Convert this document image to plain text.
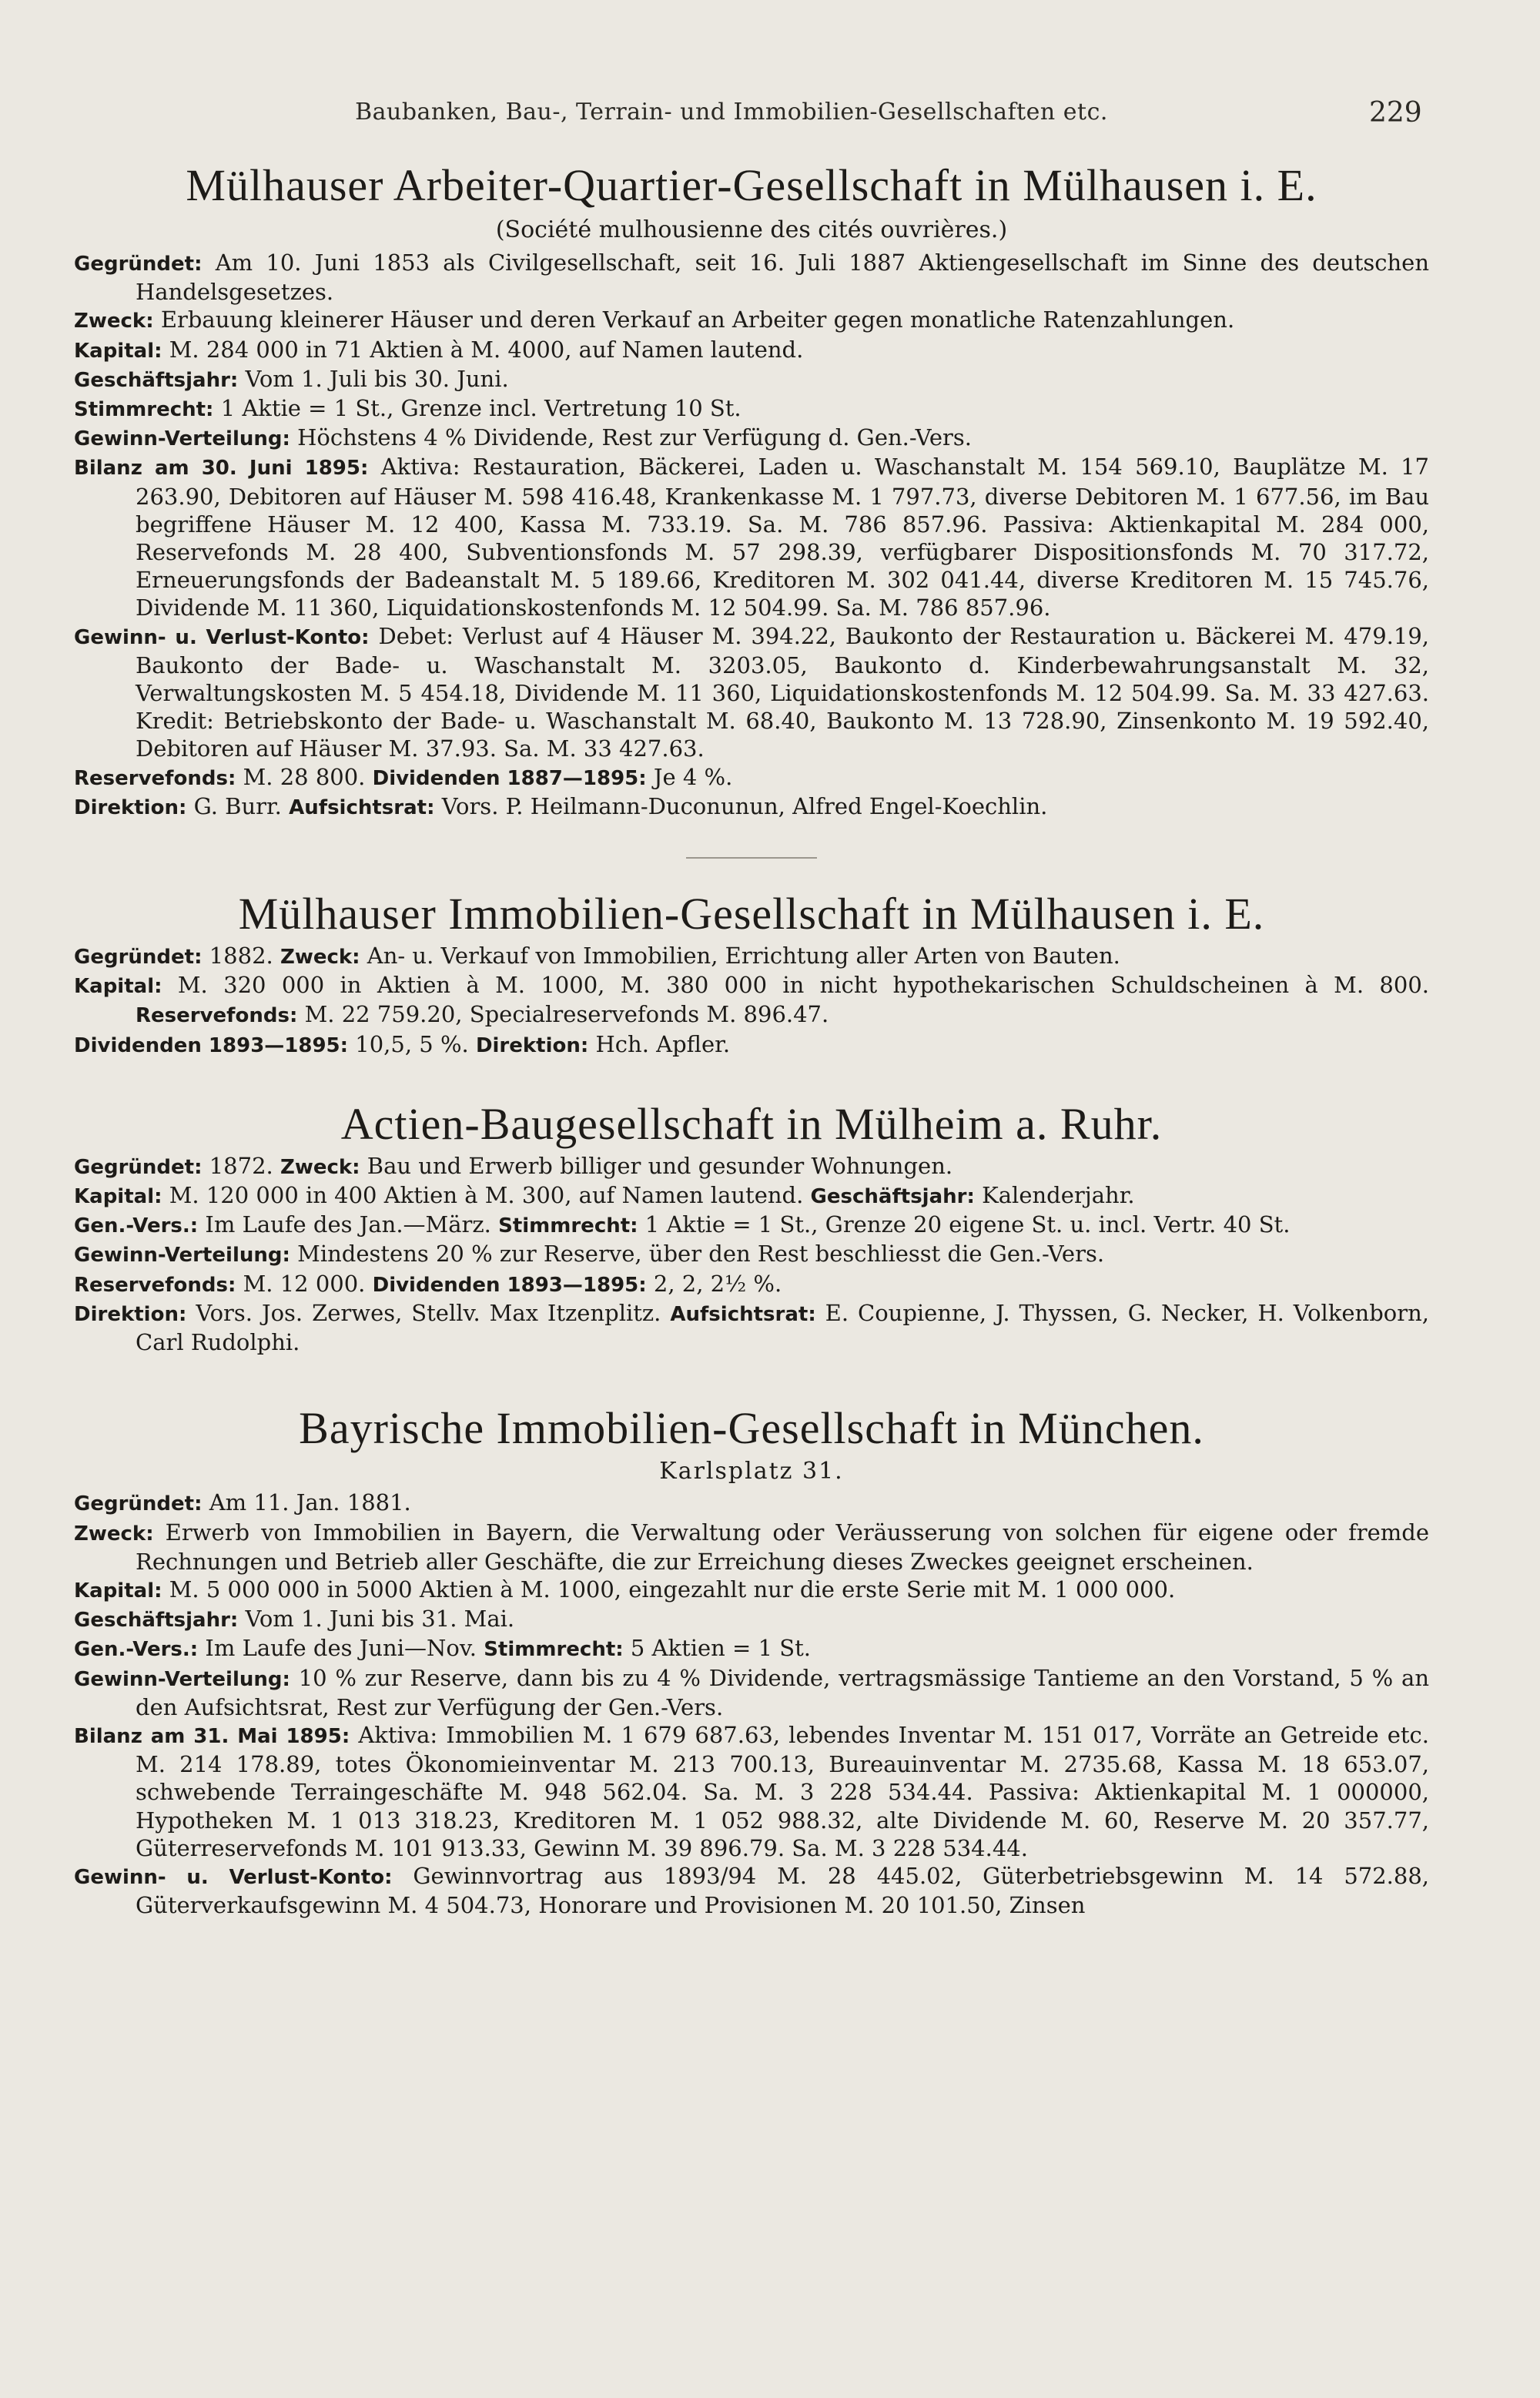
Baubanken, Bau-, Terrain- und Immobilien-Gesellschaften etc.	229
Mülhauser Arbeiter-Quartier-Gesellschaft in Mülhausen i. E.
(Société mulhousienne des cités ouvrières.)

Gegründet: Am 10. Juni 1853 als Civilgesellschaft, seit 16. Juli 1887 Aktiengesellschaft im Sinne des deutschen Handelsgesetzes.

Zweck: Erbauung kleinerer Häuser und deren Verkauf an Arbeiter gegen monatliche Ratenzahlungen.

Kapital: M. 284 000 in 71 Aktien à M. 4000, auf Namen lautend.

Geschäftsjahr: Vom 1. Juli bis 30. Juni.

Stimmrecht: 1 Aktie = 1 St., Grenze incl. Vertretung 10 St.

Gewinn-Verteilung: Höchstens 4 % Dividende, Rest zur Verfügung d. Gen.-Vers.

Bilanz am 30. Juni 1895: Aktiva: Restauration, Bäckerei, Laden u. Waschanstalt M. 154 569.10, Bauplätze M. 17 263.90, Debitoren auf Häuser M. 598 416.48, Krankenkasse M. 1 797.73, diverse Debitoren M. 1 677.56, im Bau begriffene Häuser M. 12 400, Kassa M. 733.19. Sa. M. 786 857.96. Passiva: Aktienkapital M. 284 000, Reservefonds M. 28 400, Subventionsfonds M. 57 298.39, verfügbarer Dispositionsfonds M. 70 317.72, Erneuerungsfonds der Badeanstalt M. 5 189.66, Kreditoren M. 302 041.44, diverse Kreditoren M. 15 745.76, Dividende M. 11 360, Liquidationskostenfonds M. 12 504.99. Sa. M. 786 857.96.

Gewinn- u. Verlust-Konto: Debet: Verlust auf 4 Häuser M. 394.22, Baukonto der Restauration u. Bäckerei M. 479.19, Baukonto der Bade- u. Waschanstalt M. 3203.05, Baukonto d. Kinderbewahrungsanstalt M. 32, Verwaltungskosten M. 5 454.18, Dividende M. 11 360, Liquidationskostenfonds M. 12 504.99. Sa. M. 33 427.63. Kredit: Betriebskonto der Bade- u. Waschanstalt M. 68.40, Baukonto M. 13 728.90, Zinsenkonto M. 19 592.40, Debitoren auf Häuser M. 37.93. Sa. M. 33 427.63.

Reservefonds: M. 28 800. Dividenden 1887—1895: Je 4 %.

Direktion: G. Burr. Aufsichtsrat: Vors. P. Heilmann-Duconunun, Alfred Engel-Koechlin.

Mülhauser Immobilien-Gesellschaft in Mülhausen i. E.

Gegründet: 1882. Zweck: An- u. Verkauf von Immobilien, Errichtung aller Arten von Bauten.

Kapital: M. 320 000 in Aktien à M. 1000, M. 380 000 in nicht hypothekarischen Schuldscheinen à M. 800. Reservefonds: M. 22 759.20, Specialreservefonds M. 896.47.

Dividenden 1893—1895: 10,5, 5 %. Direktion: Hch. Apfler.

Actien-Baugesellschaft in Mülheim a. Ruhr.

Gegründet: 1872. Zweck: Bau und Erwerb billiger und gesunder Wohnungen.

Kapital: M. 120 000 in 400 Aktien à M. 300, auf Namen lautend. Geschäftsjahr: Kalenderjahr.

Gen.-Vers.: Im Laufe des Jan.—März. Stimmrecht: 1 Aktie = 1 St., Grenze 20 eigene St. u. incl. Vertr. 40 St.

Gewinn-Verteilung: Mindestens 20 % zur Reserve, über den Rest beschliesst die Gen.-Vers.

Reservefonds: M. 12 000. Dividenden 1893—1895: 2, 2, 2½ %.

Direktion: Vors. Jos. Zerwes, Stellv. Max Itzenplitz. Aufsichtsrat: E. Coupienne, J. Thyssen, G. Necker, H. Volkenborn, Carl Rudolphi.

Bayrische Immobilien-Gesellschaft in München.
Karlsplatz 31.

Gegründet: Am 11. Jan. 1881.

Zweck: Erwerb von Immobilien in Bayern, die Verwaltung oder Veräusserung von solchen für eigene oder fremde Rechnungen und Betrieb aller Geschäfte, die zur Erreichung dieses Zweckes geeignet erscheinen.

Kapital: M. 5 000 000 in 5000 Aktien à M. 1000, eingezahlt nur die erste Serie mit M. 1 000 000.

Geschäftsjahr: Vom 1. Juni bis 31. Mai.

Gen.-Vers.: Im Laufe des Juni—Nov. Stimmrecht: 5 Aktien = 1 St.

Gewinn-Verteilung: 10 % zur Reserve, dann bis zu 4 % Dividende, vertragsmässige Tantieme an den Vorstand, 5 % an den Aufsichtsrat, Rest zur Verfügung der Gen.-Vers.

Bilanz am 31. Mai 1895: Aktiva: Immobilien M. 1 679 687.63, lebendes Inventar M. 151 017, Vorräte an Getreide etc. M. 214 178.89, totes Ökonomieinventar M. 213 700.13, Bureauinventar M. 2735.68, Kassa M. 18 653.07, schwebende Terraingeschäfte M. 948 562.04. Sa. M. 3 228 534.44. Passiva: Aktienkapital M. 1 000000, Hypotheken M. 1 013 318.23, Kreditoren M. 1 052 988.32, alte Dividende M. 60, Reserve M. 20 357.77, Güterreservefonds M. 101 913.33, Gewinn M. 39 896.79. Sa. M. 3 228 534.44.

Gewinn- u. Verlust-Konto: Gewinnvortrag aus 1893/94 M. 28 445.02, Güterbetriebsgewinn M. 14 572.88, Güterverkaufsgewinn M. 4 504.73, Honorare und Provisionen M. 20 101.50, Zinsen
